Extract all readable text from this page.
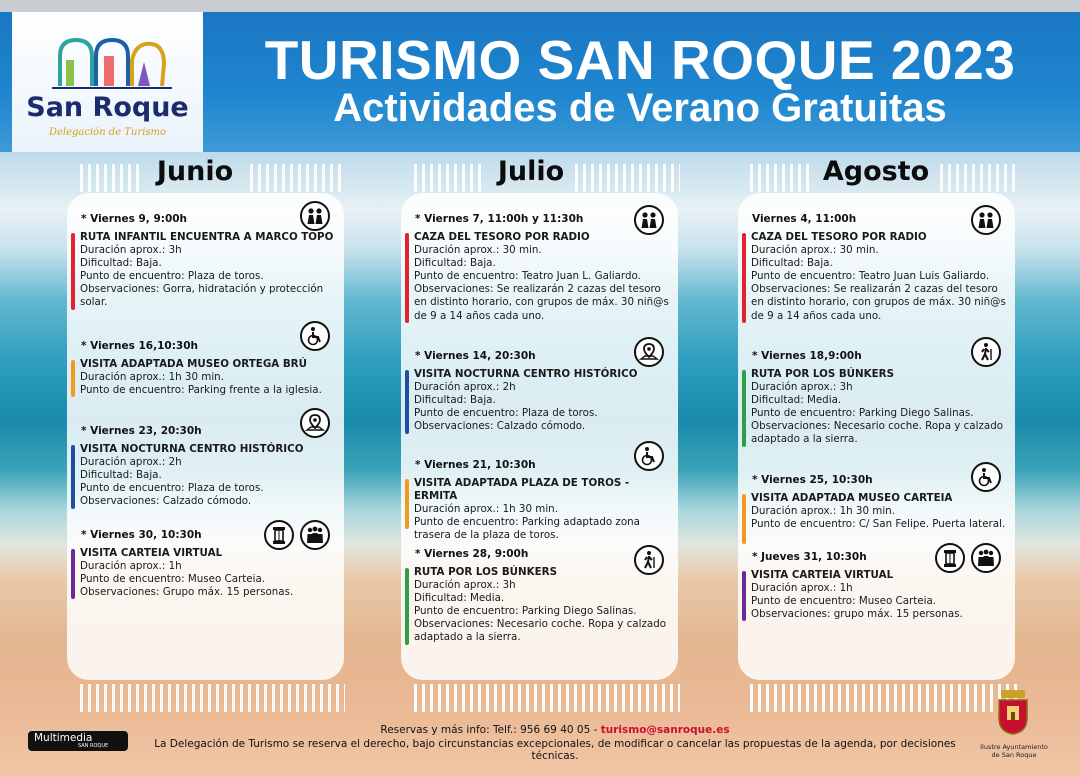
San Roque
Delegación de Turismo
TURISMO SAN ROQUE 2023
Actividades de Verano Gratuitas
Junio	Julio	Agosto
* Viernes 9, 9:00h
RUTA INFANTIL ENCUENTRA A MARCO TOPO
Duración aprox.: 3h
Dificultad: Baja.
Punto de encuentro: Plaza de toros.
Observaciones: Gorra, hidratación y protección solar.
* Viernes 16,10:30h
VISITA ADAPTADA MUSEO ORTEGA BRÚ
Duración aprox.: 1h 30 min.
Punto de encuentro: Parking frente a la iglesia.
* Viernes 23, 20:30h
VISITA NOCTURNA CENTRO HISTÓRICO
Duración aprox.: 2h
Dificultad: Baja.
Punto de encuentro: Plaza de toros.
Observaciones: Calzado cómodo.
* Viernes 30, 10:30h
VISITA CARTEIA VIRTUAL
Duración aprox.: 1h
Punto de encuentro: Museo Carteia.
Observaciones: Grupo máx. 15 personas.
* Viernes 7, 11:00h y 11:30h
CAZA DEL TESORO POR RADIO
Duración aprox.: 30 min.
Dificultad: Baja.
Punto de encuentro: Teatro Juan L. Galiardo.
Observaciones: Se realizarán 2 cazas del tesoro en distinto horario, con grupos de máx. 30 niñ@s de 9 a 14 años cada uno.
* Viernes 14, 20:30h
VISITA NOCTURNA CENTRO HISTÓRICO
Duración aprox.: 2h
Dificultad: Baja.
Punto de encuentro: Plaza de toros.
Observaciones: Calzado cómodo.
* Viernes 21, 10:30h
VISITA ADAPTADA PLAZA DE TOROS - ERMITA
Duración aprox.: 1h 30 min.
Punto de encuentro: Parking adaptado zona trasera de la plaza de toros.
* Viernes 28, 9:00h
RUTA POR LOS BÚNKERS
Duración aprox.: 3h
Dificultad: Media.
Punto de encuentro: Parking Diego Salinas.
Observaciones: Necesario coche. Ropa y calzado adaptado a la sierra.
Viernes 4, 11:00h
CAZA DEL TESORO POR RADIO
Duración aprox.: 30 min.
Dificultad: Baja.
Punto de encuentro: Teatro Juan Luis Galiardo.
Observaciones: Se realizarán 2 cazas del tesoro en distinto horario, con grupos de máx. 30 niñ@s de 9 a 14 años cada uno.
* Viernes 18,9:00h
RUTA POR LOS BÚNKERS
Duración aprox.: 3h
Dificultad: Media.
Punto de encuentro: Parking Diego Salinas.
Observaciones: Necesario coche. Ropa y calzado adaptado a la sierra.
* Viernes 25, 10:30h
VISITA ADAPTADA MUSEO CARTEIA
Duración aprox.: 1h 30 min.
Punto de encuentro: C/ San Felipe. Puerta lateral.
* Jueves 31, 10:30h
VISITA CARTEIA VIRTUAL
Duración aprox.: 1h
Punto de encuentro: Museo Carteia.
Observaciones: grupo máx. 15 personas.
Reservas y más info: Telf.: 956 69 40 05 - turismo@sanroque.es
La Delegación de Turismo se reserva el derecho, bajo circunstancias excepcionales, de modificar o cancelar las propuestas de la agenda, por decisiones técnicas.
Multimedia
SAN ROQUE	Ilustre Ayuntamiento
de San Roque
